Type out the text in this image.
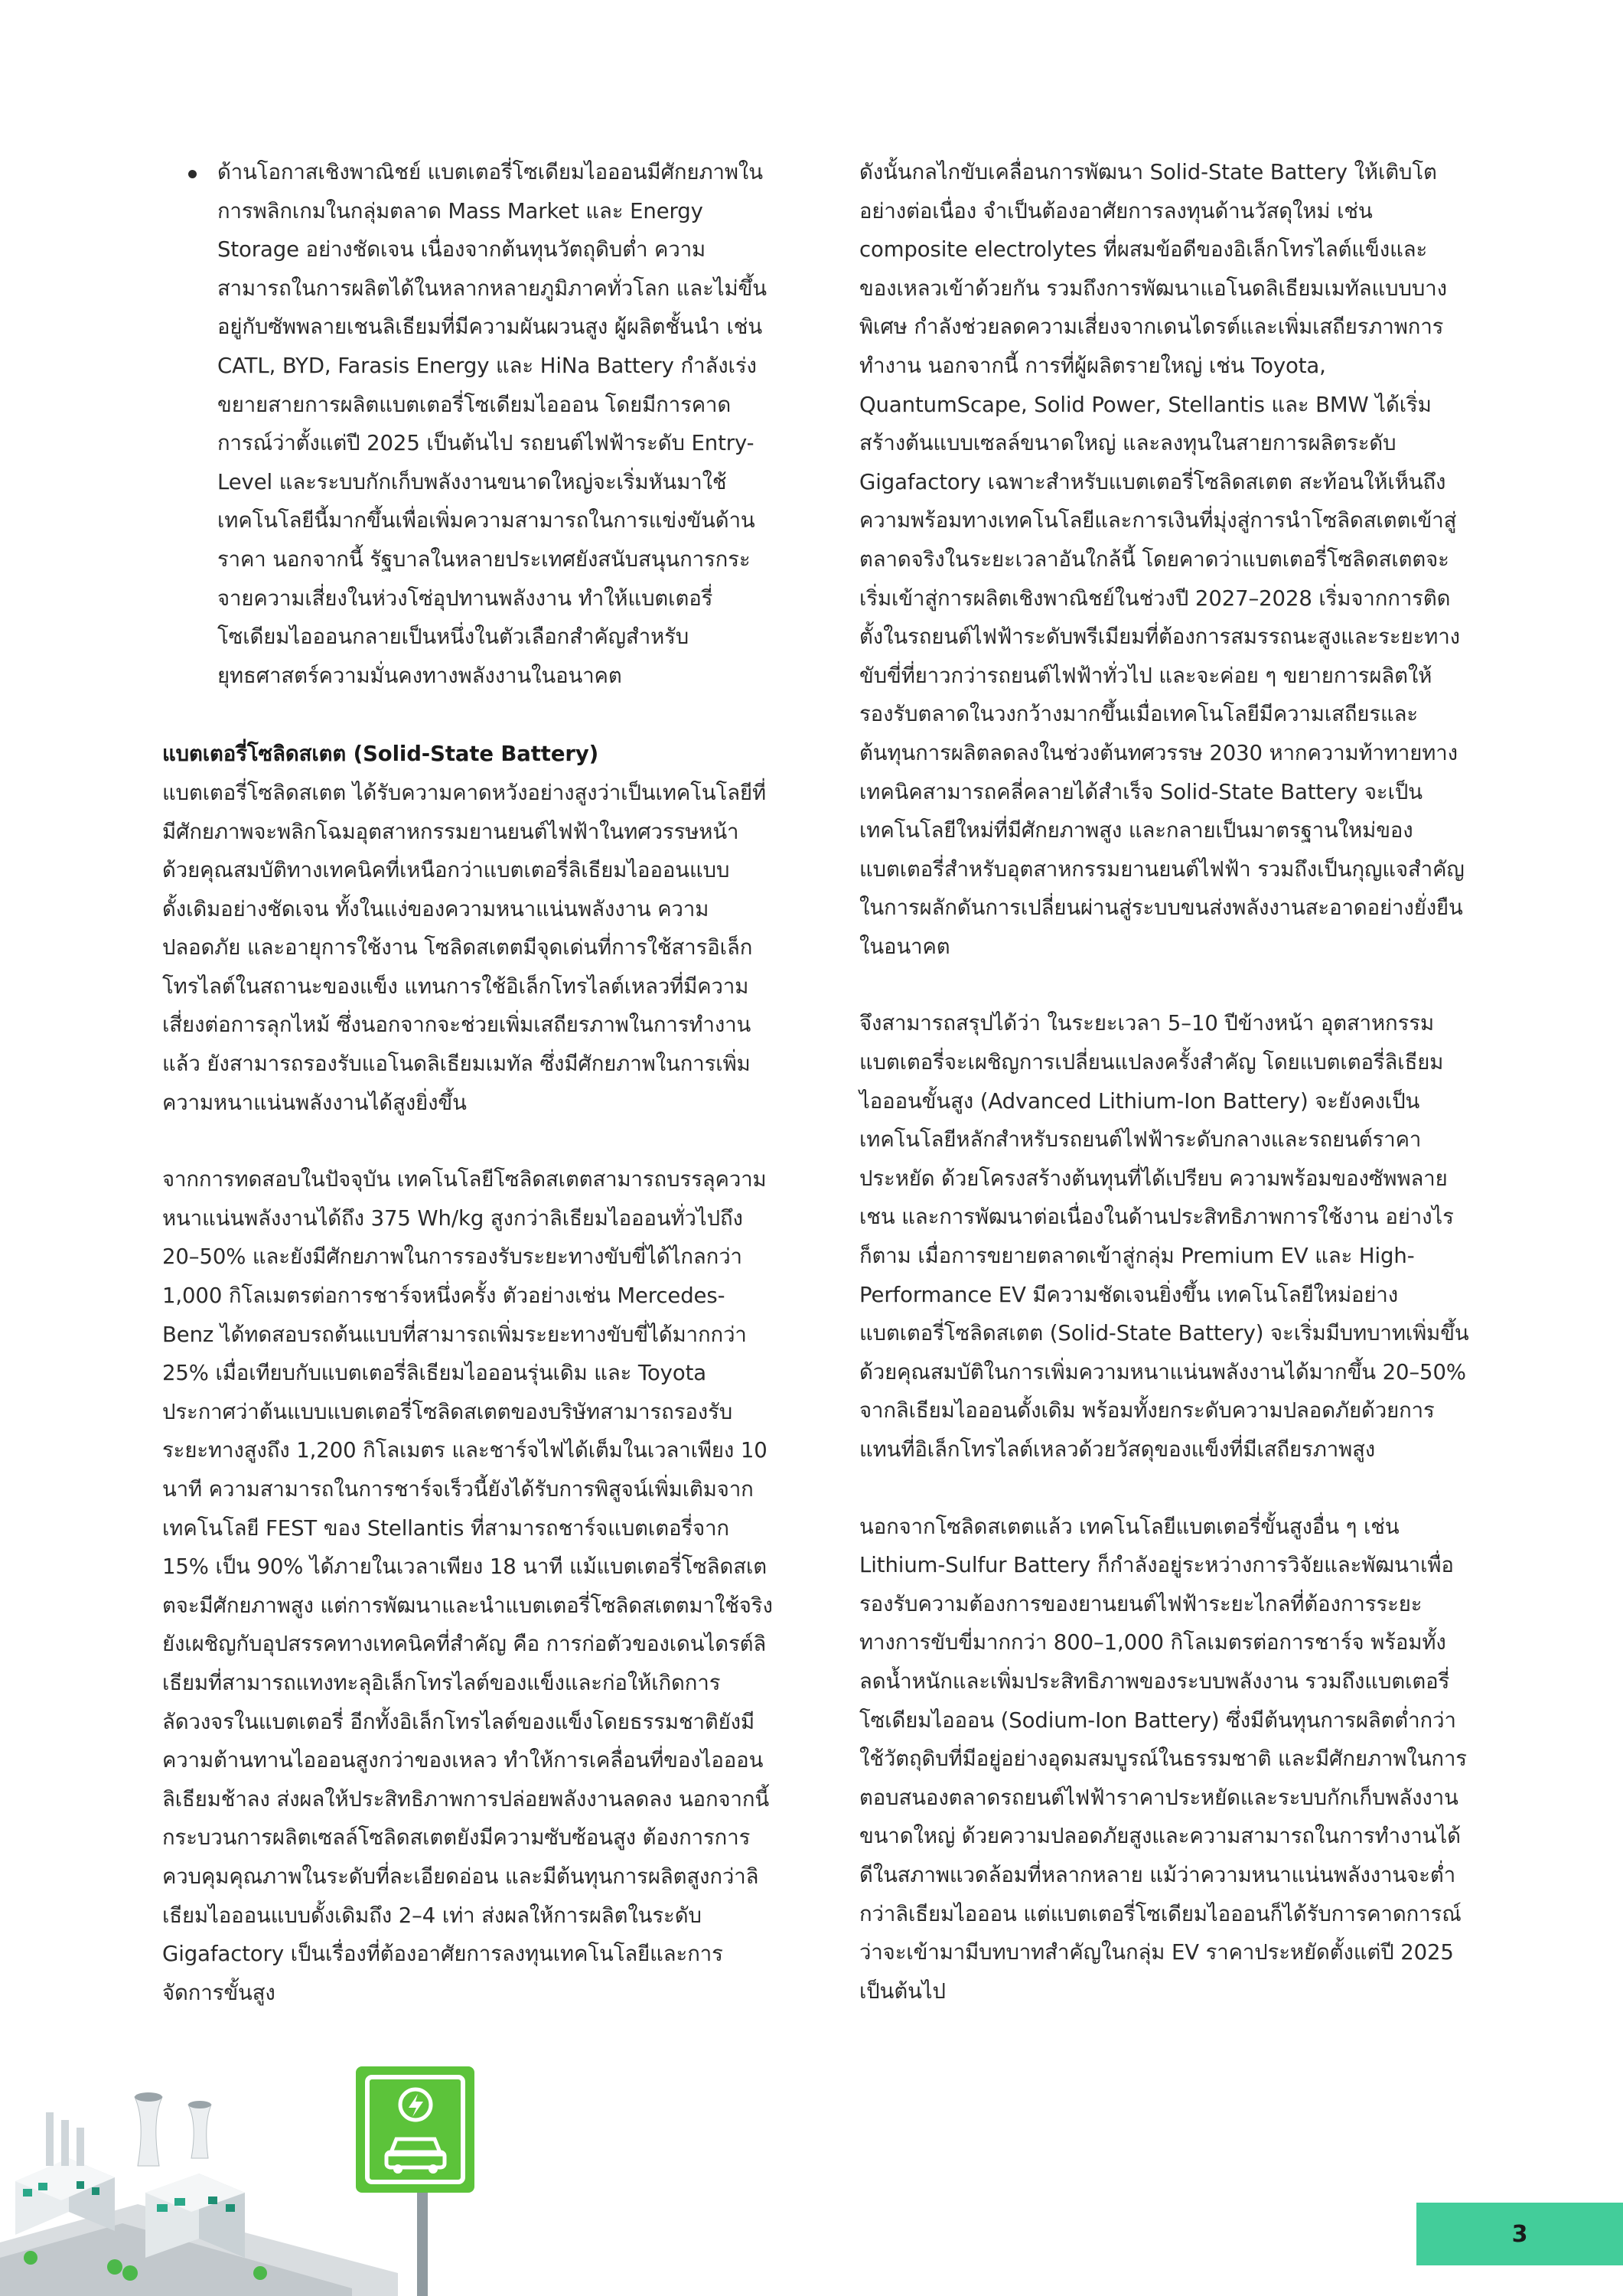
ด้านโอกาสเชิงพาณิชย์ แบตเตอรี่โซเดียมไอออนมีศักยภาพในการพลิกเกมในกลุ่มตลาด Mass Market และ Energy Storage อย่างชัดเจน เนื่องจากต้นทุนวัตถุดิบต่ำ ความสามารถในการผลิตได้ในหลากหลายภูมิภาคทั่วโลก และไม่ขึ้นอยู่กับซัพพลายเชนลิเธียมที่มีความผันผวนสูง ผู้ผลิตชั้นนำ เช่น CATL, BYD, Farasis Energy และ HiNa Battery กำลังเร่งขยายสายการผลิตแบตเตอรี่โซเดียมไอออน โดยมีการคาดการณ์ว่าตั้งแต่ปี 2025 เป็นต้นไป รถยนต์ไฟฟ้าระดับ Entry-Level และระบบกักเก็บพลังงานขนาดใหญ่จะเริ่มหันมาใช้เทคโนโลยีนี้มากขึ้นเพื่อเพิ่มความสามารถในการแข่งขันด้านราคา นอกจากนี้ รัฐบาลในหลายประเทศยังสนับสนุนการกระจายความเสี่ยงในห่วงโซ่อุปทานพลังงาน ทำให้แบตเตอรี่โซเดียมไอออนกลายเป็นหนึ่งในตัวเลือกสำคัญสำหรับยุทธศาสตร์ความมั่นคงทางพลังงานในอนาคต

แบตเตอรี่โซลิดสเตต (Solid-State Battery)

แบตเตอรี่โซลิดสเตต ได้รับความคาดหวังอย่างสูงว่าเป็นเทคโนโลยีที่มีศักยภาพจะพลิกโฉมอุตสาหกรรมยานยนต์ไฟฟ้าในทศวรรษหน้า ด้วยคุณสมบัติทางเทคนิคที่เหนือกว่าแบตเตอรี่ลิเธียมไอออนแบบดั้งเดิมอย่างชัดเจน ทั้งในแง่ของความหนาแน่นพลังงาน ความปลอดภัย และอายุการใช้งาน โซลิดสเตตมีจุดเด่นที่การใช้สารอิเล็กโทรไลต์ในสถานะของแข็ง แทนการใช้อิเล็กโทรไลต์เหลวที่มีความเสี่ยงต่อการลุกไหม้ ซึ่งนอกจากจะช่วยเพิ่มเสถียรภาพในการทำงานแล้ว ยังสามารถรองรับแอโนดลิเธียมเมทัล ซึ่งมีศักยภาพในการเพิ่มความหนาแน่นพลังงานได้สูงยิ่งขึ้น

จากการทดสอบในปัจจุบัน เทคโนโลยีโซลิดสเตตสามารถบรรลุความหนาแน่นพลังงานได้ถึง 375 Wh/kg สูงกว่าลิเธียมไอออนทั่วไปถึง 20–50% และยังมีศักยภาพในการรองรับระยะทางขับขี่ได้ไกลกว่า 1,000 กิโลเมตรต่อการชาร์จหนึ่งครั้ง ตัวอย่างเช่น Mercedes-Benz ได้ทดสอบรถต้นแบบที่สามารถเพิ่มระยะทางขับขี่ได้มากกว่า 25% เมื่อเทียบกับแบตเตอรี่ลิเธียมไอออนรุ่นเดิม และ Toyota ประกาศว่าต้นแบบแบตเตอรี่โซลิดสเตตของบริษัทสามารถรองรับระยะทางสูงถึง 1,200 กิโลเมตร และชาร์จไฟได้เต็มในเวลาเพียง 10 นาที ความสามารถในการชาร์จเร็วนี้ยังได้รับการพิสูจน์เพิ่มเติมจากเทคโนโลยี FEST ของ Stellantis ที่สามารถชาร์จแบตเตอรี่จาก 15% เป็น 90% ได้ภายในเวลาเพียง 18 นาที แม้แบตเตอรี่โซลิดสเตตจะมีศักยภาพสูง แต่การพัฒนาและนำแบตเตอรี่โซลิดสเตตมาใช้จริงยังเผชิญกับอุปสรรคทางเทคนิคที่สำคัญ คือ การก่อตัวของเดนไดรต์ลิเธียมที่สามารถแทงทะลุอิเล็กโทรไลต์ของแข็งและก่อให้เกิดการลัดวงจรในแบตเตอรี่ อีกทั้งอิเล็กโทรไลต์ของแข็งโดยธรรมชาติยังมีความต้านทานไอออนสูงกว่าของเหลว ทำให้การเคลื่อนที่ของไอออนลิเธียมช้าลง ส่งผลให้ประสิทธิภาพการปล่อยพลังงานลดลง นอกจากนี้ กระบวนการผลิตเซลล์โซลิดสเตตยังมีความซับซ้อนสูง ต้องการการควบคุมคุณภาพในระดับที่ละเอียดอ่อน และมีต้นทุนการผลิตสูงกว่าลิเธียมไอออนแบบดั้งเดิมถึง 2–4 เท่า ส่งผลให้การผลิตในระดับ Gigafactory เป็นเรื่องที่ต้องอาศัยการลงทุนเทคโนโลยีและการจัดการขั้นสูง

ดังนั้นกลไกขับเคลื่อนการพัฒนา Solid-State Battery ให้เติบโตอย่างต่อเนื่อง จำเป็นต้องอาศัยการลงทุนด้านวัสดุใหม่ เช่น composite electrolytes ที่ผสมข้อดีของอิเล็กโทรไลต์แข็งและของเหลวเข้าด้วยกัน รวมถึงการพัฒนาแอโนดลิเธียมเมทัลแบบบางพิเศษ กำลังช่วยลดความเสี่ยงจากเดนไดรต์และเพิ่มเสถียรภาพการทำงาน นอกจากนี้ การที่ผู้ผลิตรายใหญ่ เช่น Toyota, QuantumScape, Solid Power, Stellantis และ BMW ได้เริ่มสร้างต้นแบบเซลล์ขนาดใหญ่ และลงทุนในสายการผลิตระดับ Gigafactory เฉพาะสำหรับแบตเตอรี่โซลิดสเตต สะท้อนให้เห็นถึงความพร้อมทางเทคโนโลยีและการเงินที่มุ่งสู่การนำโซลิดสเตตเข้าสู่ตลาดจริงในระยะเวลาอันใกล้นี้ โดยคาดว่าแบตเตอรี่โซลิดสเตตจะเริ่มเข้าสู่การผลิตเชิงพาณิชย์ในช่วงปี 2027–2028 เริ่มจากการติดตั้งในรถยนต์ไฟฟ้าระดับพรีเมียมที่ต้องการสมรรถนะสูงและระยะทางขับขี่ที่ยาวกว่ารถยนต์ไฟฟ้าทั่วไป และจะค่อย ๆ ขยายการผลิตให้รองรับตลาดในวงกว้างมากขึ้นเมื่อเทคโนโลยีมีความเสถียรและต้นทุนการผลิตลดลงในช่วงต้นทศวรรษ 2030 หากความท้าทายทางเทคนิคสามารถคลี่คลายได้สำเร็จ Solid-State Battery จะเป็นเทคโนโลยีใหม่ที่มีศักยภาพสูง และกลายเป็นมาตรฐานใหม่ของแบตเตอรี่สำหรับอุตสาหกรรมยานยนต์ไฟฟ้า รวมถึงเป็นกุญแจสำคัญในการผลักดันการเปลี่ยนผ่านสู่ระบบขนส่งพลังงานสะอาดอย่างยั่งยืนในอนาคต

จึงสามารถสรุปได้ว่า ในระยะเวลา 5–10 ปีข้างหน้า อุตสาหกรรมแบตเตอรี่จะเผชิญการเปลี่ยนแปลงครั้งสำคัญ โดยแบตเตอรี่ลิเธียมไอออนขั้นสูง (Advanced Lithium-Ion Battery) จะยังคงเป็นเทคโนโลยีหลักสำหรับรถยนต์ไฟฟ้าระดับกลางและรถยนต์ราคาประหยัด ด้วยโครงสร้างต้นทุนที่ได้เปรียบ ความพร้อมของซัพพลายเชน และการพัฒนาต่อเนื่องในด้านประสิทธิภาพการใช้งาน อย่างไรก็ตาม เมื่อการขยายตลาดเข้าสู่กลุ่ม Premium EV และ High-Performance EV มีความชัดเจนยิ่งขึ้น เทคโนโลยีใหม่อย่างแบตเตอรี่โซลิดสเตต (Solid-State Battery) จะเริ่มมีบทบาทเพิ่มขึ้น ด้วยคุณสมบัติในการเพิ่มความหนาแน่นพลังงานได้มากขึ้น 20–50% จากลิเธียมไอออนดั้งเดิม พร้อมทั้งยกระดับความปลอดภัยด้วยการแทนที่อิเล็กโทรไลต์เหลวด้วยวัสดุของแข็งที่มีเสถียรภาพสูง

นอกจากโซลิดสเตตแล้ว เทคโนโลยีแบตเตอรี่ขั้นสูงอื่น ๆ เช่น Lithium-Sulfur Battery ก็กำลังอยู่ระหว่างการวิจัยและพัฒนาเพื่อรองรับความต้องการของยานยนต์ไฟฟ้าระยะไกลที่ต้องการระยะทางการขับขี่มากกว่า 800–1,000 กิโลเมตรต่อการชาร์จ พร้อมทั้งลดน้ำหนักและเพิ่มประสิทธิภาพของระบบพลังงาน รวมถึงแบตเตอรี่โซเดียมไอออน (Sodium-Ion Battery) ซึ่งมีต้นทุนการผลิตต่ำกว่า ใช้วัตถุดิบที่มีอยู่อย่างอุดมสมบูรณ์ในธรรมชาติ และมีศักยภาพในการตอบสนองตลาดรถยนต์ไฟฟ้าราคาประหยัดและระบบกักเก็บพลังงานขนาดใหญ่ ด้วยความปลอดภัยสูงและความสามารถในการทำงานได้ดีในสภาพแวดล้อมที่หลากหลาย แม้ว่าความหนาแน่นพลังงานจะต่ำกว่าลิเธียมไอออน แต่แบตเตอรี่โซเดียมไอออนก็ได้รับการคาดการณ์ว่าจะเข้ามามีบทบาทสำคัญในกลุ่ม EV ราคาประหยัดตั้งแต่ปี 2025 เป็นต้นไป

3
